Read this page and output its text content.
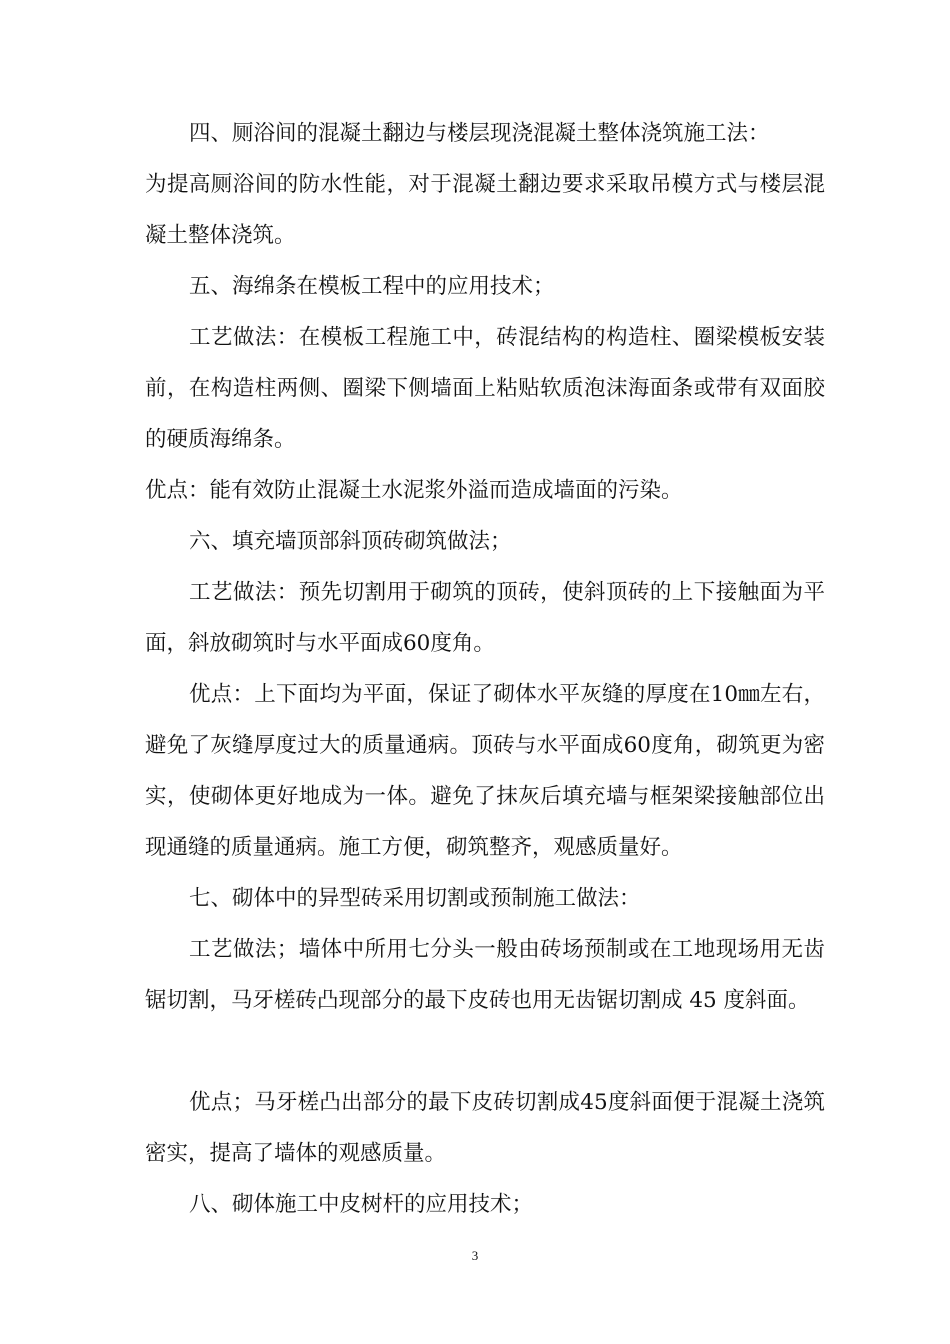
四、厕浴间的混凝土翻边与楼层现浇混凝土整体浇筑施工法：

为提高厕浴间的防水性能，对于混凝土翻边要求采取吊模方式与楼层混凝土整体浇筑。

五、海绵条在模板工程中的应用技术；

工艺做法：在模板工程施工中，砖混结构的构造柱、圈梁模板安装前，在构造柱两侧、圈梁下侧墙面上粘贴软质泡沫海面条或带有双面胶的硬质海绵条。

优点：能有效防止混凝土水泥浆外溢而造成墙面的污染。

六、填充墙顶部斜顶砖砌筑做法；

工艺做法：预先切割用于砌筑的顶砖，使斜顶砖的上下接触面为平面，斜放砌筑时与水平面成60度角。

优点：上下面均为平面，保证了砌体水平灰缝的厚度在10㎜左右，避免了灰缝厚度过大的质量通病。顶砖与水平面成60度角，砌筑更为密实，使砌体更好地成为一体。避免了抹灰后填充墙与框架梁接触部位出现通缝的质量通病。施工方便，砌筑整齐，观感质量好。

七、砌体中的异型砖采用切割或预制施工做法：

工艺做法；墙体中所用七分头一般由砖场预制或在工地现场用无齿锯切割，马牙槎砖凸现部分的最下皮砖也用无齿锯切割成 45 度斜面。

优点；马牙槎凸出部分的最下皮砖切割成45度斜面便于混凝土浇筑密实，提高了墙体的观感质量。

八、砌体施工中皮树杆的应用技术；

3
